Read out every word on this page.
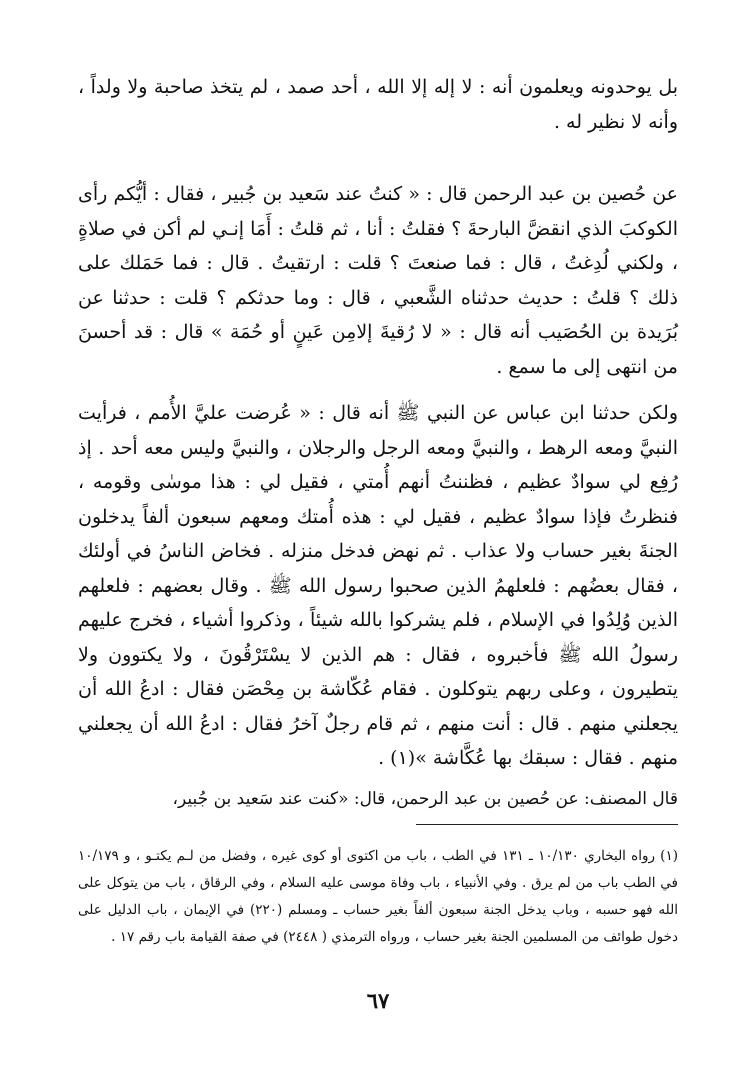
بل يوحدونه ويعلمون أنه : لا إله إلا الله ، أحد صمد ، لم يتخذ صاحبة ولا ولداً ، وأنه لا نظير له .

عن حُصين بن عبد الرحمن قال : « كنتُ عند سَعيد بن جُبير ، فقال : أيُّكم رأى الكوكبَ الذي انقضَّ البارحةَ ؟ فقلتُ : أنا ، ثم قلتُ : أَمَا إنـي لم أكن في صلاةٍ ، ولكني لُدِغتُ ، قال : فما صنعتَ ؟ قلت : ارتقيتُ . قال : فما حَمَلك على ذلك ؟ قلتُ : حديث حدثناه الشَّعبي ، قال : وما حدثكم ؟ قلت : حدثنا عن بُرَيدة بن الحُصَيب أنه قال : « لا رُقيةَ إلامِن عَينٍ أو حُمَة » قال : قد أحسنَ من انتهى إلى ما سمع .

ولكن حدثنا ابن عباس عن النبي ﷺ أنه قال : « عُرضت عليَّ الأُمم ، فرأيت النبيَّ ومعه الرهط ، والنبيَّ ومعه الرجل والرجلان ، والنبيَّ وليس معه أحد . إذ رُفِع لي سوادٌ عظيم ، فظننتُ أنهم أُمتي ، فقيل لي : هذا موسٰى وقومه ، فنظرتُ فإذا سوادٌ عظيم ، فقيل لي : هذه أُمتك ومعهم سبعون ألفاً يدخلون الجنةَ بغير حساب ولا عذاب . ثم نهض فدخل منزله . فخاض الناسُ في أولئك ، فقال بعضُهم : فلعلهمُ الذين صحبوا رسول الله ﷺ . وقال بعضهم : فلعلهم الذين وُلِدُوا في الإسلام ، فلم يشركوا بالله شيئاً ، وذكروا أشياء ، فخرج عليهم رسولُ الله ﷺ فأخبروه ، فقال : هم الذين لا يسْتَرْقُونَ ، ولا يكتوون ولا يتطيرون ، وعلى ربهم يتوكلون . فقام عُكّاشة بن مِحْصَن فقال : ادعُ الله أن يجعلني منهم . قال : أنت منهم ، ثم قام رجلٌ آخرُ فقال : ادعُ الله أن يجعلني منهم . فقال : سبقك بها عُكَّاشة »(١) .

قال المصنف: عن حُصين بن عبد الرحمن، قال: «كنت عند سَعيد بن جُبير،

(١) رواه البخاري ١٠/١٣٠ ـ ١٣١ في الطب ، باب من اكتوى أو كوى غيره ، وفضل من لـم يكتـو ، و ١٠/١٧٩ في الطب باب من لم يرق . وفي الأنبياء ، باب وفاة موسى عليه السلام ، وفي الرقاق ، باب من يتوكل على الله فهو حسبه ، وباب يدخل الجنة سبعون ألفاً بغير حساب ـ ومسلم (٢٢٠) في الإيمان ، باب الدليل على دخول طوائف من المسلمين الجنة بغير حساب ، ورواه الترمذي ( ٢٤٤٨) في صفة القيامة باب رقم ١٧ .

٦٧
